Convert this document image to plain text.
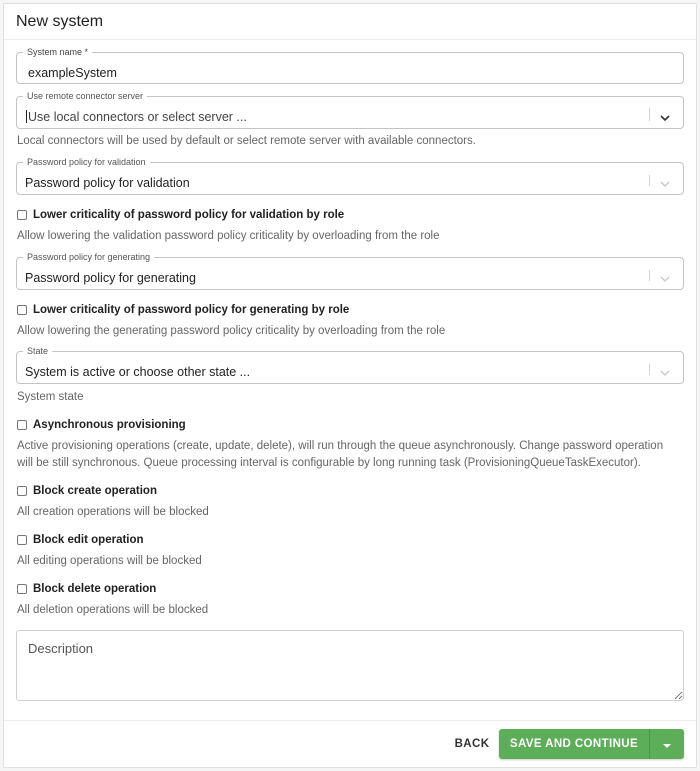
New system
System name *
exampleSystem
Use remote connector server
Use local connectors or select server ...
Local connectors will be used by default or select remote server with available connectors.
Password policy for validation
Password policy for validation
Lower criticality of password policy for validation by role
Allow lowering the validation password policy criticality by overloading from the role
Password policy for generating
Password policy for generating
Lower criticality of password policy for generating by role
Allow lowering the generating password policy criticality by overloading from the role
State
System is active or choose other state ...
System state
Asynchronous provisioning
Active provisioning operations (create, update, delete), will run through the queue asynchronously. Change password operation
will be still synchronous. Queue processing interval is configurable by long running task (ProvisioningQueueTaskExecutor).
Block create operation
All creation operations will be blocked
Block edit operation
All editing operations will be blocked
Block delete operation
All deletion operations will be blocked
Description
BACK	SAVE AND CONTINUE
